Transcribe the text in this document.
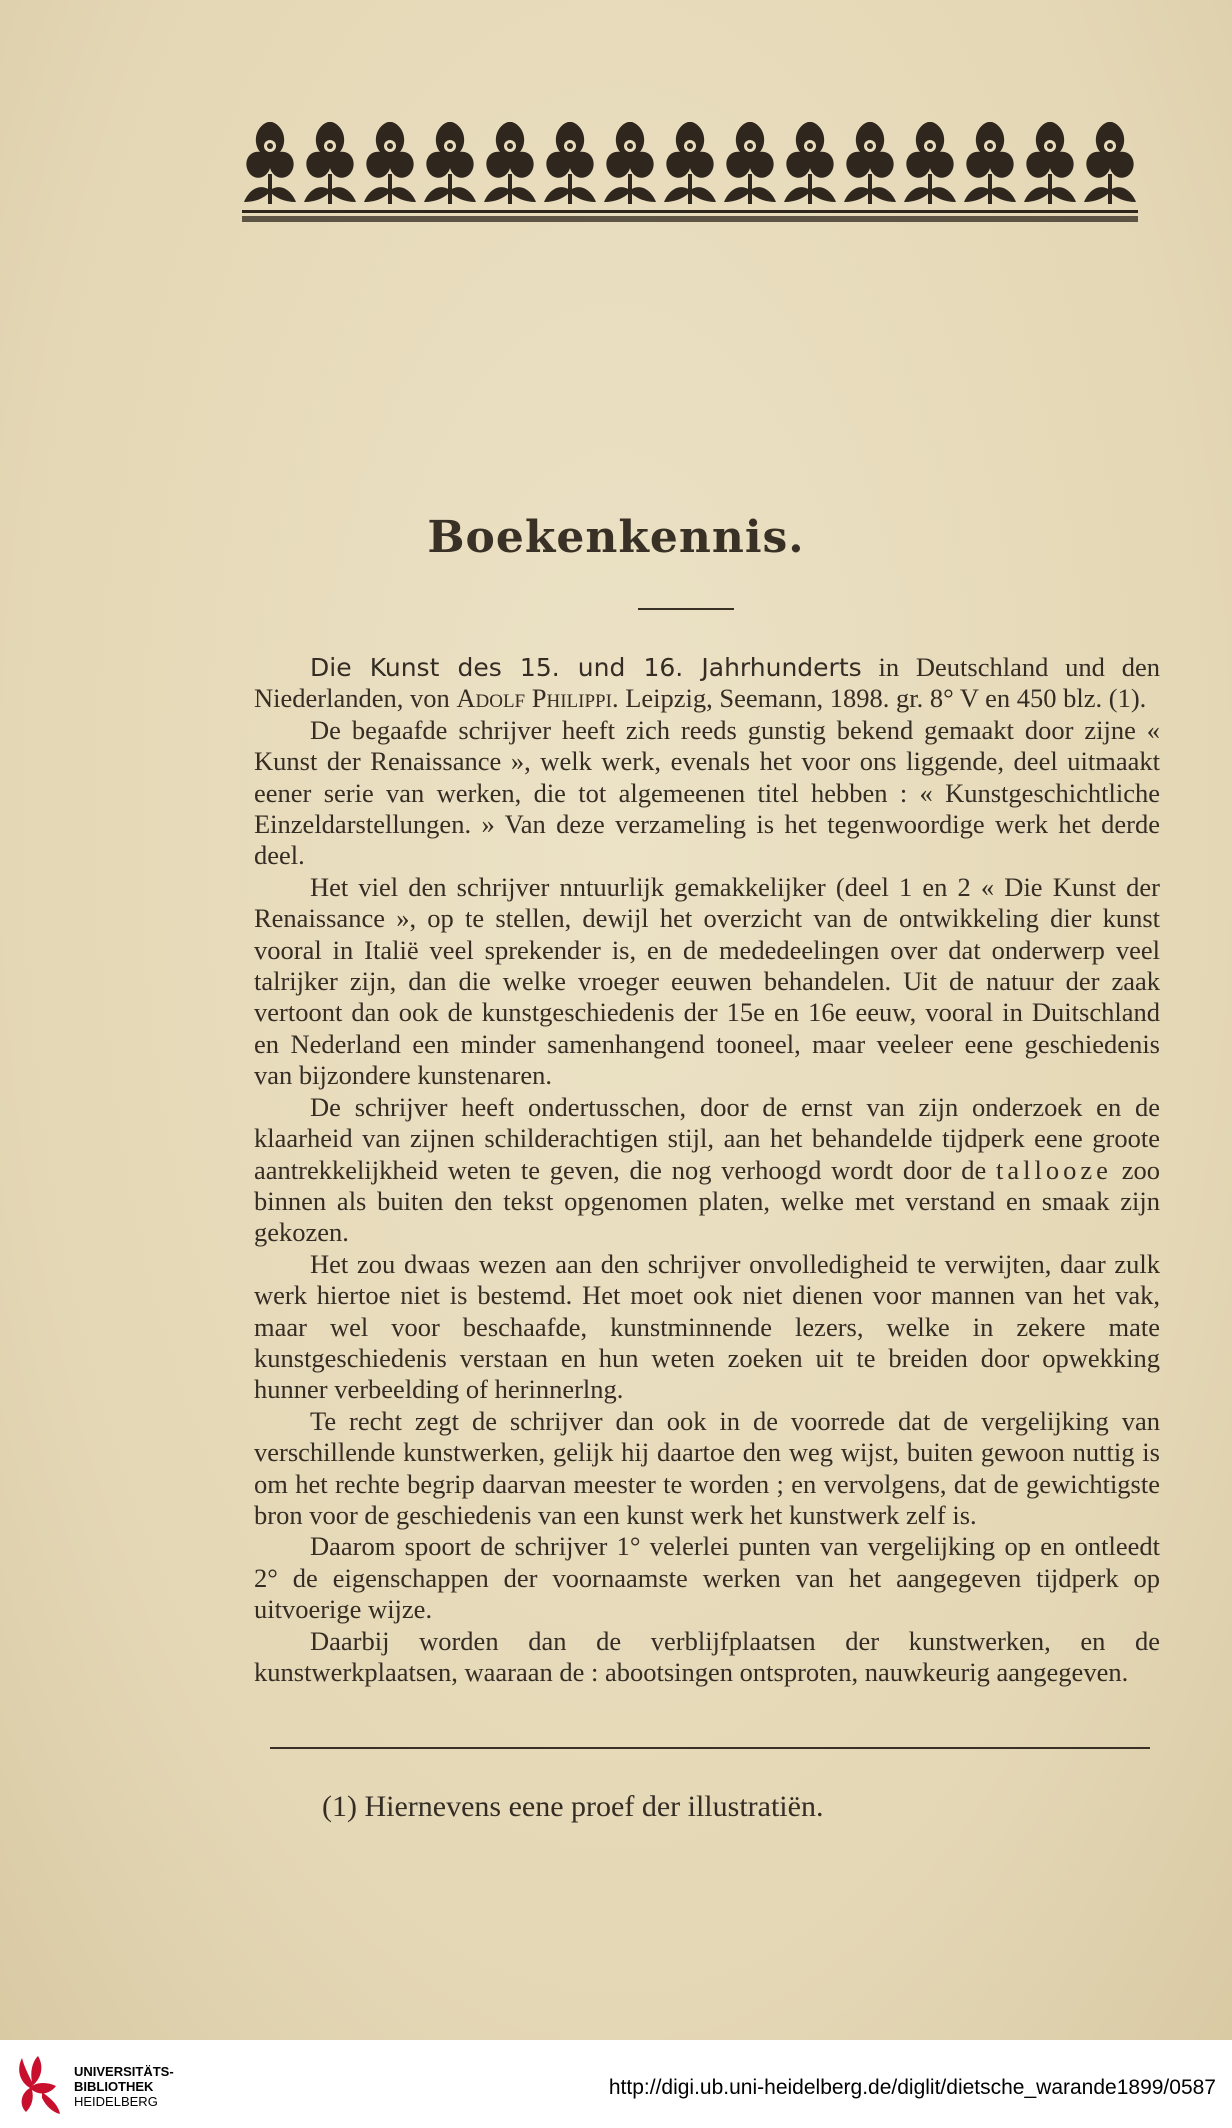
Boekenkennis.

Die Kunst des 15. und 16. Jahrhunderts in Deutschland und den Niederlanden, von Adolf Philippi. Leipzig, Seemann, 1898. gr. 8° V en 450 blz. (1).

De begaafde schrijver heeft zich reeds gunstig bekend gemaakt door zijne « Kunst der Renaissance », welk werk, evenals het voor ons liggende, deel uitmaakt eener serie van werken, die tot algemeenen titel hebben : « Kunstgeschichtliche Einzeldarstellungen. » Van deze verzameling is het tegenwoordige werk het derde deel.

Het viel den schrijver nntuurlijk gemakkelijker (deel 1 en 2 « Die Kunst der Renaissance », op te stellen, dewijl het overzicht van de ontwikkeling dier kunst vooral in Italië veel sprekender is, en de mededeelingen over dat onderwerp veel talrijker zijn, dan die welke vroeger eeuwen behandelen. Uit de natuur der zaak vertoont dan ook de kunstgeschiedenis der 15e en 16e eeuw, vooral in Duitschland en Nederland een minder samenhangend tooneel, maar veeleer eene geschiedenis van bijzondere kunstenaren.

De schrijver heeft ondertusschen, door de ernst van zijn onderzoek en de klaarheid van zijnen schilderachtigen stijl, aan het behandelde tijdperk eene groote aantrekkelijkheid weten te geven, die nog verhoogd wordt door de tallooze zoo binnen als buiten den tekst opgenomen platen, welke met verstand en smaak zijn gekozen.

Het zou dwaas wezen aan den schrijver onvolledigheid te verwijten, daar zulk werk hiertoe niet is bestemd. Het moet ook niet dienen voor mannen van het vak, maar wel voor beschaafde, kunstminnende lezers, welke in zekere mate kunstgeschiedenis verstaan en hun weten zoeken uit te breiden door opwekking hunner verbeelding of herinnerlng.

Te recht zegt de schrijver dan ook in de voorrede dat de vergelijking van verschillende kunstwerken, gelijk hij daartoe den weg wijst, buiten gewoon nuttig is om het rechte begrip daarvan meester te worden ; en vervolgens, dat de gewichtigste bron voor de geschiedenis van een kunst werk het kunstwerk zelf is.

Daarom spoort de schrijver 1° velerlei punten van vergelijking op en ontleedt 2° de eigenschappen der voornaamste werken van het aangegeven tijdperk op uitvoerige wijze.

Daarbij worden dan de verblijfplaatsen der kunstwerken, en de kunstwerkplaatsen, waaraan de : abootsingen ontsproten, nauwkeurig aangegeven.

(1) Hiernevens eene proef der illustratiën.
UNIVERSITÄTS-
BIBLIOTHEK
HEIDELBERG
http://digi.ub.uni-heidelberg.de/diglit/dietsche_warande1899/0587
